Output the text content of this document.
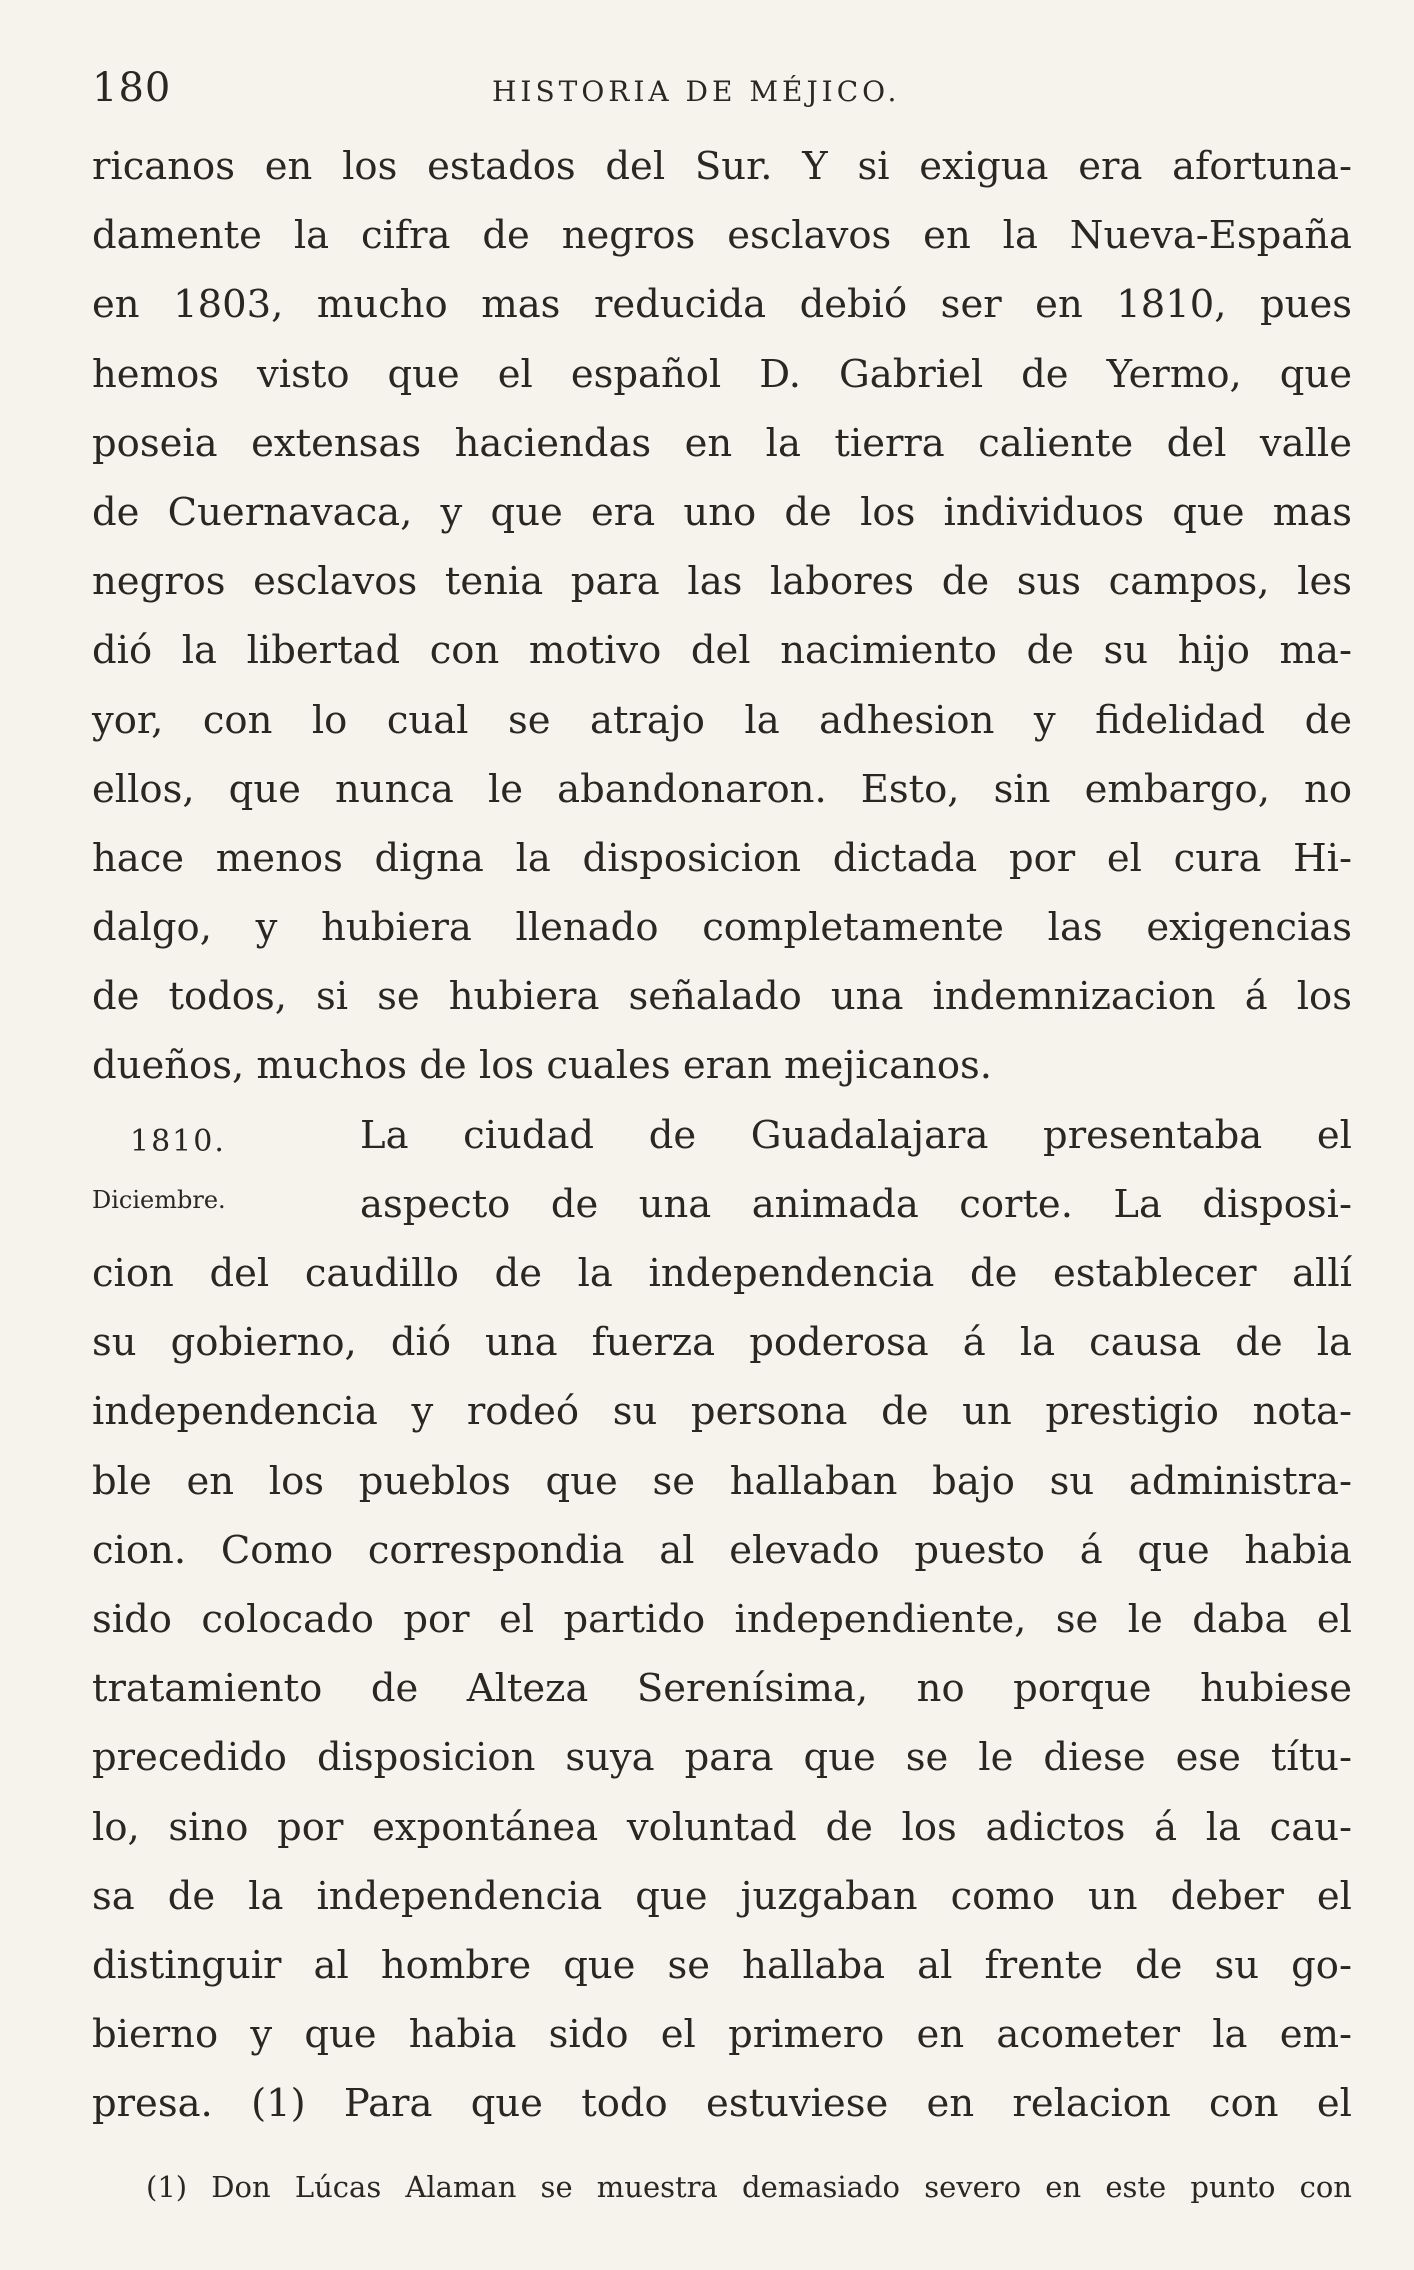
180	HISTORIA DE MÉJICO.
ricanos en los estados del Sur. Y si exigua era afortuna-
damente la cifra de negros esclavos en la Nueva-España
en 1803, mucho mas reducida debió ser en 1810, pues
hemos visto que el español D. Gabriel de Yermo, que
poseia extensas haciendas en la tierra caliente del valle
de Cuernavaca, y que era uno de los individuos que mas
negros esclavos tenia para las labores de sus campos, les
dió la libertad con motivo del nacimiento de su hijo ma-
yor, con lo cual se atrajo la adhesion y fidelidad de
ellos, que nunca le abandonaron. Esto, sin embargo, no
hace menos digna la disposicion dictada por el cura Hi-
dalgo, y hubiera llenado completamente las exigencias
de todos, si se hubiera señalado una indemnizacion á los
dueños, muchos de los cuales eran mejicanos.
1810.	La ciudad de Guadalajara presentaba el
Diciembre.	aspecto de una animada corte. La disposi-
cion del caudillo de la independencia de establecer allí
su gobierno, dió una fuerza poderosa á la causa de la
independencia y rodeó su persona de un prestigio nota-
ble en los pueblos que se hallaban bajo su administra-
cion. Como correspondia al elevado puesto á que habia
sido colocado por el partido independiente, se le daba el
tratamiento de Alteza Serenísima, no porque hubiese
precedido disposicion suya para que se le diese ese títu-
lo, sino por expontánea voluntad de los adictos á la cau-
sa de la independencia que juzgaban como un deber el
distinguir al hombre que se hallaba al frente de su go-
bierno y que habia sido el primero en acometer la em-
presa. (1) Para que todo estuviese en relacion con el
(1) Don Lúcas Alaman se muestra demasiado severo en este punto con
